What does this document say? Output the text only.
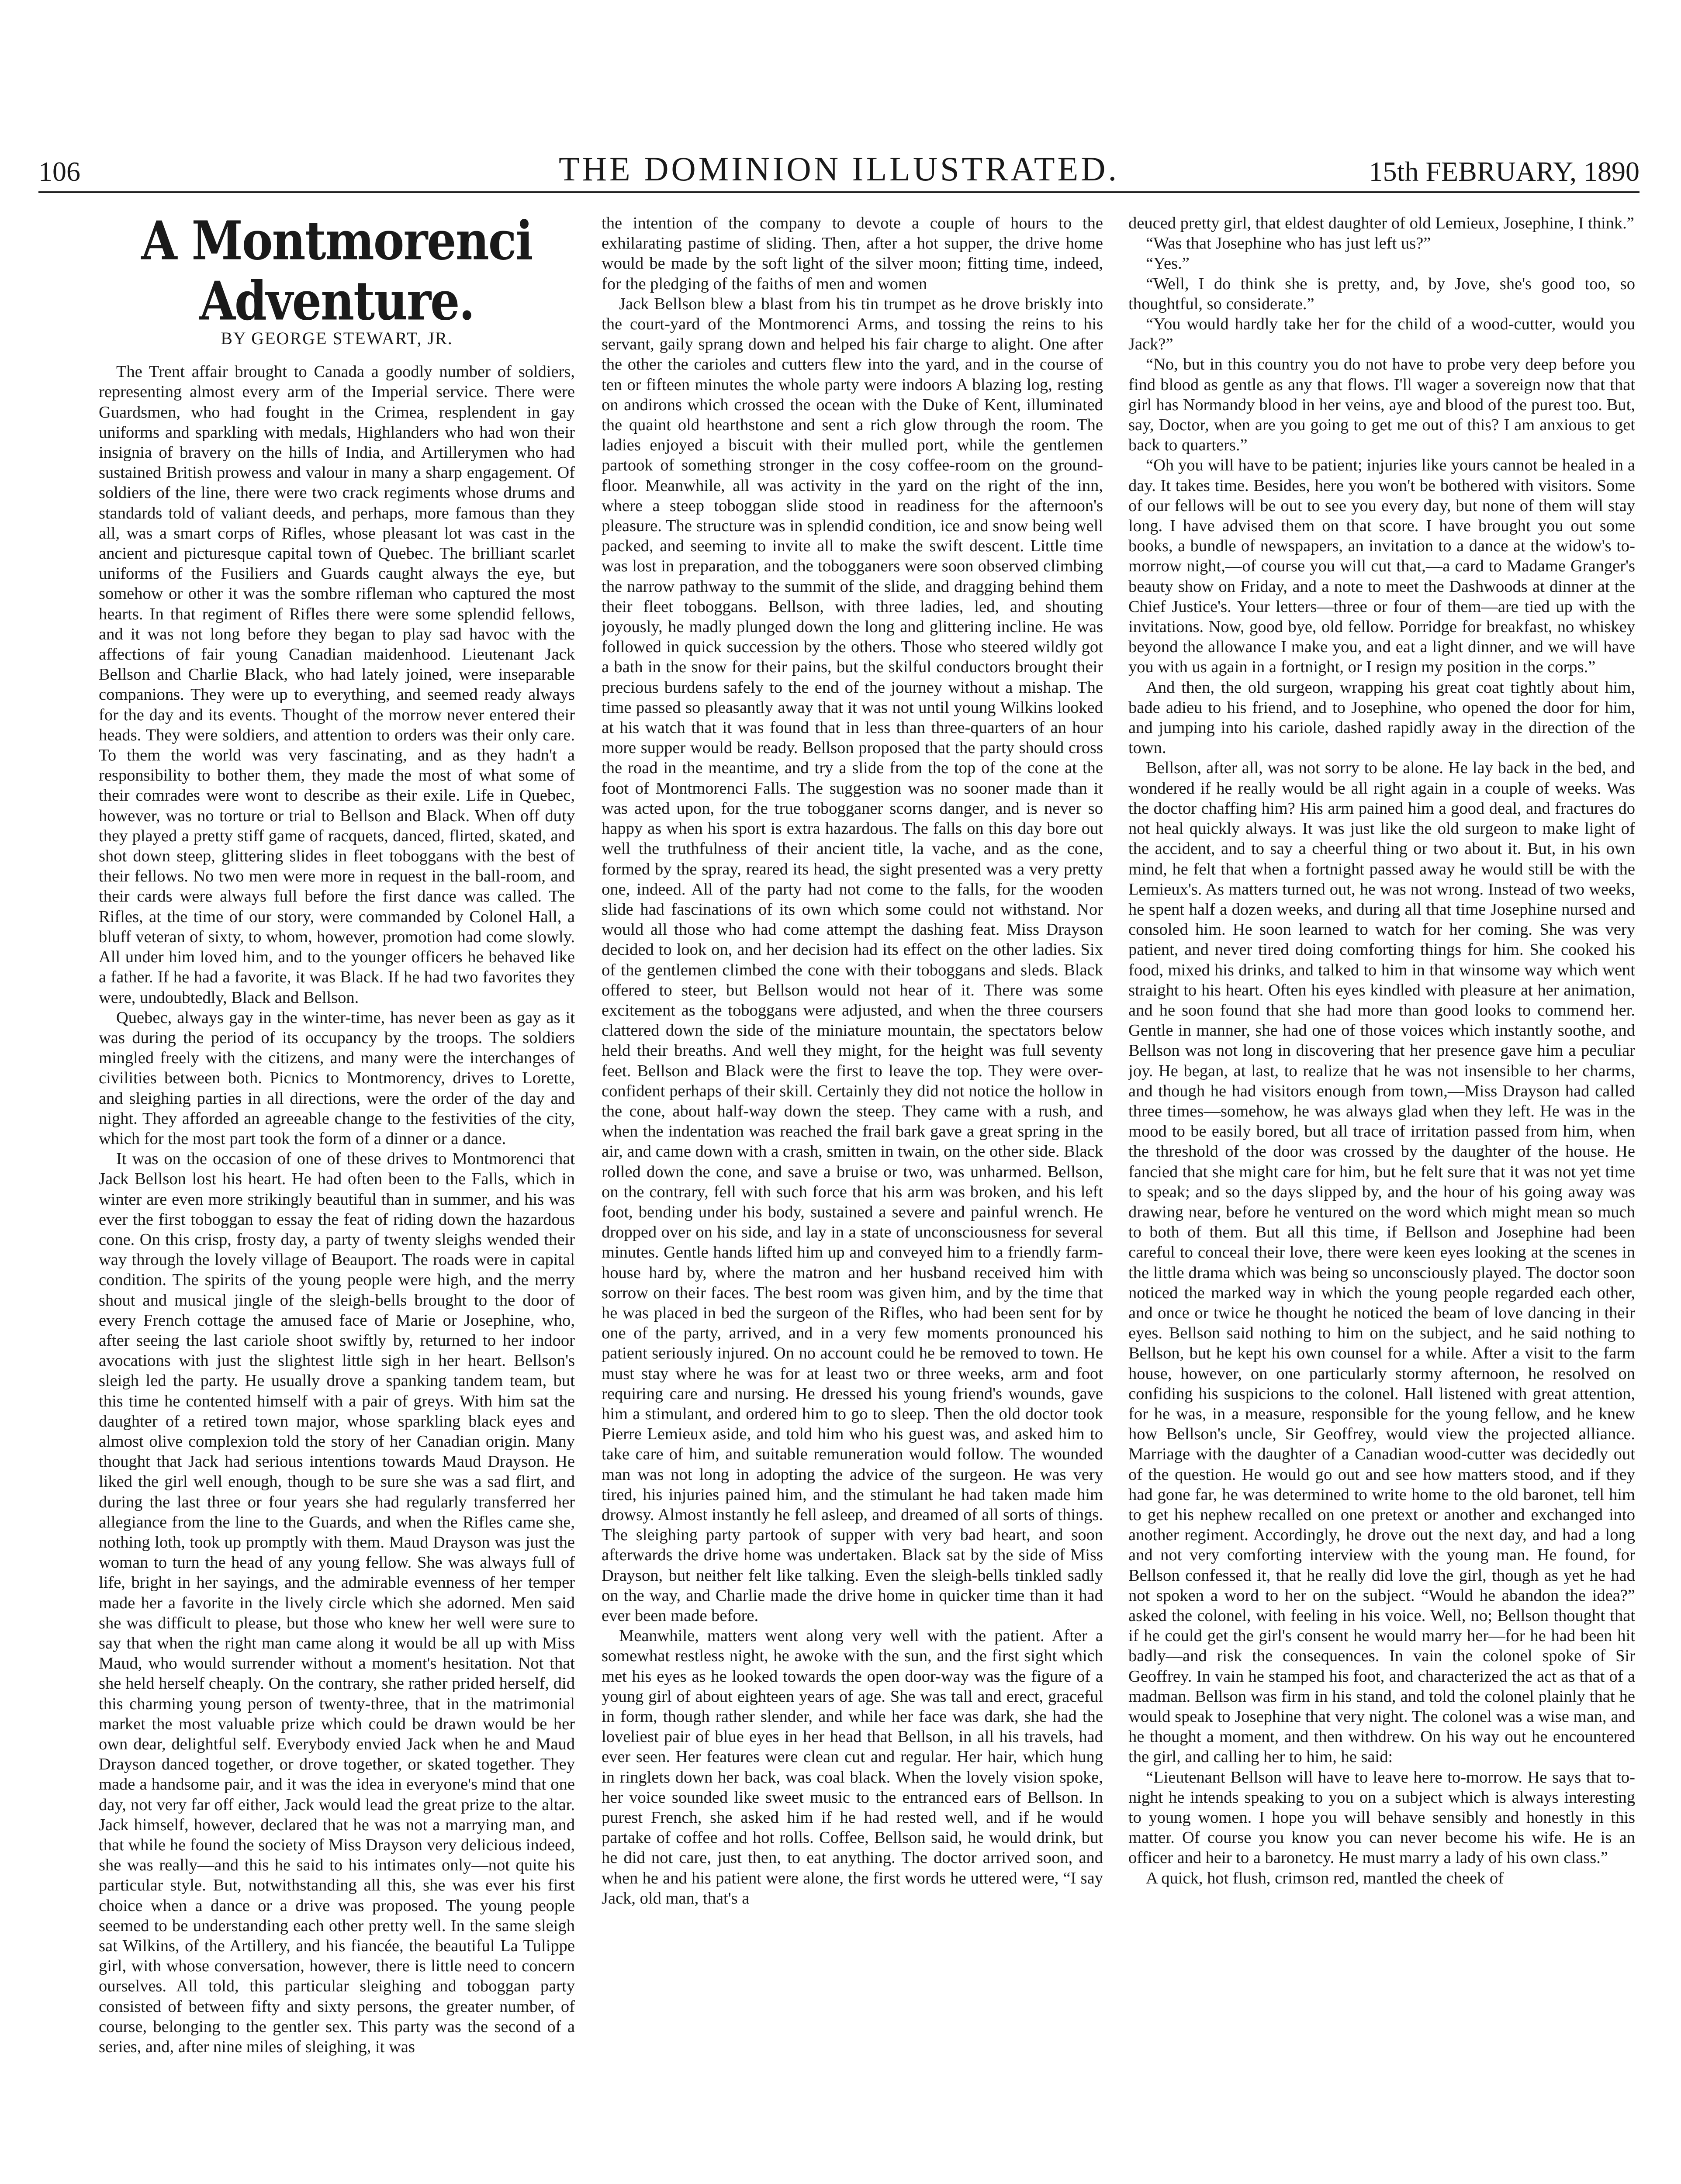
106	THE DOMINION ILLUSTRATED.	15th FEBRUARY, 1890
A Montmorenci Adventure.
BY GEORGE STEWART, JR.

The Trent affair brought to Canada a goodly number of soldiers, representing almost every arm of the Imperial service. There were Guardsmen, who had fought in the Crimea, resplendent in gay uniforms and sparkling with medals, Highlanders who had won their insignia of bravery on the hills of India, and Artillerymen who had sustained British prowess and valour in many a sharp engagement. Of soldiers of the line, there were two crack regiments whose drums and standards told of valiant deeds, and perhaps, more famous than they all, was a smart corps of Rifles, whose pleasant lot was cast in the ancient and picturesque capital town of Quebec. The brilliant scarlet uniforms of the Fusiliers and Guards caught always the eye, but somehow or other it was the sombre rifleman who captured the most hearts. In that regiment of Rifles there were some splendid fellows, and it was not long before they began to play sad havoc with the affections of fair young Canadian maidenhood. Lieutenant Jack Bellson and Charlie Black, who had lately joined, were inseparable companions. They were up to everything, and seemed ready always for the day and its events. Thought of the morrow never entered their heads. They were soldiers, and attention to orders was their only care. To them the world was very fascinating, and as they hadn't a responsibility to bother them, they made the most of what some of their comrades were wont to describe as their exile. Life in Quebec, however, was no torture or trial to Bellson and Black. When off duty they played a pretty stiff game of racquets, danced, flirted, skated, and shot down steep, glittering slides in fleet toboggans with the best of their fellows. No two men were more in request in the ball-room, and their cards were always full before the first dance was called. The Rifles, at the time of our story, were commanded by Colonel Hall, a bluff veteran of sixty, to whom, however, promotion had come slowly. All under him loved him, and to the younger officers he behaved like a father. If he had a favorite, it was Black. If he had two favorites they were, undoubtedly, Black and Bellson.

Quebec, always gay in the winter-time, has never been as gay as it was during the period of its occupancy by the troops. The soldiers mingled freely with the citizens, and many were the interchanges of civilities between both. Picnics to Montmorency, drives to Lorette, and sleighing parties in all directions, were the order of the day and night. They afforded an agreeable change to the festivities of the city, which for the most part took the form of a dinner or a dance.

It was on the occasion of one of these drives to Montmorenci that Jack Bellson lost his heart. He had often been to the Falls, which in winter are even more strikingly beautiful than in summer, and his was ever the first toboggan to essay the feat of riding down the hazardous cone. On this crisp, frosty day, a party of twenty sleighs wended their way through the lovely village of Beauport. The roads were in capital condition. The spirits of the young people were high, and the merry shout and musical jingle of the sleigh-bells brought to the door of every French cottage the amused face of Marie or Josephine, who, after seeing the last cariole shoot swiftly by, returned to her indoor avocations with just the slightest little sigh in her heart. Bellson's sleigh led the party. He usually drove a spanking tandem team, but this time he contented himself with a pair of greys. With him sat the daughter of a retired town major, whose sparkling black eyes and almost olive complexion told the story of her Canadian origin. Many thought that Jack had serious intentions towards Maud Drayson. He liked the girl well enough, though to be sure she was a sad flirt, and during the last three or four years she had regularly transferred her allegiance from the line to the Guards, and when the Rifles came she, nothing loth, took up promptly with them. Maud Drayson was just the woman to turn the head of any young fellow. She was always full of life, bright in her sayings, and the admirable evenness of her temper made her a favorite in the lively circle which she adorned. Men said she was difficult to please, but those who knew her well were sure to say that when the right man came along it would be all up with Miss Maud, who would surrender without a moment's hesitation. Not that she held herself cheaply. On the contrary, she rather prided herself, did this charming young person of twenty-three, that in the matrimonial market the most valuable prize which could be drawn would be her own dear, delightful self. Everybody envied Jack when he and Maud Drayson danced together, or drove together, or skated together. They made a handsome pair, and it was the idea in everyone's mind that one day, not very far off either, Jack would lead the great prize to the altar. Jack himself, however, declared that he was not a marrying man, and that while he found the society of Miss Drayson very delicious indeed, she was really—and this he said to his intimates only—not quite his particular style. But, notwithstanding all this, she was ever his first choice when a dance or a drive was proposed. The young people seemed to be understanding each other pretty well. In the same sleigh sat Wilkins, of the Artillery, and his fiancée, the beautiful La Tulippe girl, with whose conversation, however, there is little need to concern ourselves. All told, this particular sleighing and toboggan party consisted of between fifty and sixty persons, the greater number, of course, belonging to the gentler sex. This party was the second of a series, and, after nine miles of sleighing, it was

the intention of the company to devote a couple of hours to the exhilarating pastime of sliding. Then, after a hot supper, the drive home would be made by the soft light of the silver moon; fitting time, indeed, for the pledging of the faiths of men and women

Jack Bellson blew a blast from his tin trumpet as he drove briskly into the court-yard of the Montmorenci Arms, and tossing the reins to his servant, gaily sprang down and helped his fair charge to alight. One after the other the carioles and cutters flew into the yard, and in the course of ten or fifteen minutes the whole party were indoors A blazing log, resting on andirons which crossed the ocean with the Duke of Kent, illuminated the quaint old hearthstone and sent a rich glow through the room. The ladies enjoyed a biscuit with their mulled port, while the gentlemen partook of something stronger in the cosy coffee-room on the ground-floor. Meanwhile, all was activity in the yard on the right of the inn, where a steep toboggan slide stood in readiness for the afternoon's pleasure. The structure was in splendid condition, ice and snow being well packed, and seeming to invite all to make the swift descent. Little time was lost in preparation, and the tobogganers were soon observed climbing the narrow pathway to the summit of the slide, and dragging behind them their fleet toboggans. Bellson, with three ladies, led, and shouting joyously, he madly plunged down the long and glittering incline. He was followed in quick succession by the others. Those who steered wildly got a bath in the snow for their pains, but the skilful conductors brought their precious burdens safely to the end of the journey without a mishap. The time passed so pleasantly away that it was not until young Wilkins looked at his watch that it was found that in less than three-quarters of an hour more supper would be ready. Bellson proposed that the party should cross the road in the meantime, and try a slide from the top of the cone at the foot of Montmorenci Falls. The suggestion was no sooner made than it was acted upon, for the true tobogganer scorns danger, and is never so happy as when his sport is extra hazardous. The falls on this day bore out well the truthfulness of their ancient title, la vache, and as the cone, formed by the spray, reared its head, the sight presented was a very pretty one, indeed. All of the party had not come to the falls, for the wooden slide had fascinations of its own which some could not withstand. Nor would all those who had come attempt the dashing feat. Miss Drayson decided to look on, and her decision had its effect on the other ladies. Six of the gentlemen climbed the cone with their toboggans and sleds. Black offered to steer, but Bellson would not hear of it. There was some excitement as the toboggans were adjusted, and when the three coursers clattered down the side of the miniature mountain, the spectators below held their breaths. And well they might, for the height was full seventy feet. Bellson and Black were the first to leave the top. They were over-confident perhaps of their skill. Certainly they did not notice the hollow in the cone, about half-way down the steep. They came with a rush, and when the indentation was reached the frail bark gave a great spring in the air, and came down with a crash, smitten in twain, on the other side. Black rolled down the cone, and save a bruise or two, was unharmed. Bellson, on the contrary, fell with such force that his arm was broken, and his left foot, bending under his body, sustained a severe and painful wrench. He dropped over on his side, and lay in a state of unconsciousness for several minutes. Gentle hands lifted him up and conveyed him to a friendly farm-house hard by, where the matron and her husband received him with sorrow on their faces. The best room was given him, and by the time that he was placed in bed the surgeon of the Rifles, who had been sent for by one of the party, arrived, and in a very few moments pronounced his patient seriously injured. On no account could he be removed to town. He must stay where he was for at least two or three weeks, arm and foot requiring care and nursing. He dressed his young friend's wounds, gave him a stimulant, and ordered him to go to sleep. Then the old doctor took Pierre Lemieux aside, and told him who his guest was, and asked him to take care of him, and suitable remuneration would follow. The wounded man was not long in adopting the advice of the surgeon. He was very tired, his injuries pained him, and the stimulant he had taken made him drowsy. Almost instantly he fell asleep, and dreamed of all sorts of things. The sleighing party partook of supper with very bad heart, and soon afterwards the drive home was undertaken. Black sat by the side of Miss Drayson, but neither felt like talking. Even the sleigh-bells tinkled sadly on the way, and Charlie made the drive home in quicker time than it had ever been made before.

Meanwhile, matters went along very well with the patient. After a somewhat restless night, he awoke with the sun, and the first sight which met his eyes as he looked towards the open door-way was the figure of a young girl of about eighteen years of age. She was tall and erect, graceful in form, though rather slender, and while her face was dark, she had the loveliest pair of blue eyes in her head that Bellson, in all his travels, had ever seen. Her features were clean cut and regular. Her hair, which hung in ringlets down her back, was coal black. When the lovely vision spoke, her voice sounded like sweet music to the entranced ears of Bellson. In purest French, she asked him if he had rested well, and if he would partake of coffee and hot rolls. Coffee, Bellson said, he would drink, but he did not care, just then, to eat anything. The doctor arrived soon, and when he and his patient were alone, the first words he uttered were, “I say Jack, old man, that's a

deuced pretty girl, that eldest daughter of old Lemieux, Josephine, I think.”

“Was that Josephine who has just left us?”

“Yes.”

“Well, I do think she is pretty, and, by Jove, she's good too, so thoughtful, so considerate.”

“You would hardly take her for the child of a wood-cutter, would you Jack?”

“No, but in this country you do not have to probe very deep before you find blood as gentle as any that flows. I'll wager a sovereign now that that girl has Normandy blood in her veins, aye and blood of the purest too. But, say, Doctor, when are you going to get me out of this? I am anxious to get back to quarters.”

“Oh you will have to be patient; injuries like yours cannot be healed in a day. It takes time. Besides, here you won't be bothered with visitors. Some of our fellows will be out to see you every day, but none of them will stay long. I have advised them on that score. I have brought you out some books, a bundle of newspapers, an invitation to a dance at the widow's to-morrow night,—of course you will cut that,—a card to Madame Granger's beauty show on Friday, and a note to meet the Dashwoods at dinner at the Chief Justice's. Your letters—three or four of them—are tied up with the invitations. Now, good bye, old fellow. Porridge for breakfast, no whiskey beyond the allowance I make you, and eat a light dinner, and we will have you with us again in a fortnight, or I resign my position in the corps.”

And then, the old surgeon, wrapping his great coat tightly about him, bade adieu to his friend, and to Josephine, who opened the door for him, and jumping into his cariole, dashed rapidly away in the direction of the town.

Bellson, after all, was not sorry to be alone. He lay back in the bed, and wondered if he really would be all right again in a couple of weeks. Was the doctor chaffing him? His arm pained him a good deal, and fractures do not heal quickly always. It was just like the old surgeon to make light of the accident, and to say a cheerful thing or two about it. But, in his own mind, he felt that when a fortnight passed away he would still be with the Lemieux's. As matters turned out, he was not wrong. Instead of two weeks, he spent half a dozen weeks, and during all that time Josephine nursed and consoled him. He soon learned to watch for her coming. She was very patient, and never tired doing comforting things for him. She cooked his food, mixed his drinks, and talked to him in that winsome way which went straight to his heart. Often his eyes kindled with pleasure at her animation, and he soon found that she had more than good looks to commend her. Gentle in manner, she had one of those voices which instantly soothe, and Bellson was not long in discovering that her presence gave him a peculiar joy. He began, at last, to realize that he was not insensible to her charms, and though he had visitors enough from town,—Miss Drayson had called three times—somehow, he was always glad when they left. He was in the mood to be easily bored, but all trace of irritation passed from him, when the threshold of the door was crossed by the daughter of the house. He fancied that she might care for him, but he felt sure that it was not yet time to speak; and so the days slipped by, and the hour of his going away was drawing near, before he ventured on the word which might mean so much to both of them. But all this time, if Bellson and Josephine had been careful to conceal their love, there were keen eyes looking at the scenes in the little drama which was being so unconsciously played. The doctor soon noticed the marked way in which the young people regarded each other, and once or twice he thought he noticed the beam of love dancing in their eyes. Bellson said nothing to him on the subject, and he said nothing to Bellson, but he kept his own counsel for a while. After a visit to the farm house, however, on one particularly stormy afternoon, he resolved on confiding his suspicions to the colonel. Hall listened with great attention, for he was, in a measure, responsible for the young fellow, and he knew how Bellson's uncle, Sir Geoffrey, would view the projected alliance. Marriage with the daughter of a Canadian wood-cutter was decidedly out of the question. He would go out and see how matters stood, and if they had gone far, he was determined to write home to the old baronet, tell him to get his nephew recalled on one pretext or another and exchanged into another regiment. Accordingly, he drove out the next day, and had a long and not very comforting interview with the young man. He found, for Bellson confessed it, that he really did love the girl, though as yet he had not spoken a word to her on the subject. “Would he abandon the idea?” asked the colonel, with feeling in his voice. Well, no; Bellson thought that if he could get the girl's consent he would marry her—for he had been hit badly—and risk the consequences. In vain the colonel spoke of Sir Geoffrey. In vain he stamped his foot, and characterized the act as that of a madman. Bellson was firm in his stand, and told the colonel plainly that he would speak to Josephine that very night. The colonel was a wise man, and he thought a moment, and then withdrew. On his way out he encountered the girl, and calling her to him, he said:

“Lieutenant Bellson will have to leave here to-morrow. He says that to-night he intends speaking to you on a subject which is always interesting to young women. I hope you will behave sensibly and honestly in this matter. Of course you know you can never become his wife. He is an officer and heir to a baronetcy. He must marry a lady of his own class.”

A quick, hot flush, crimson red, mantled the cheek of
